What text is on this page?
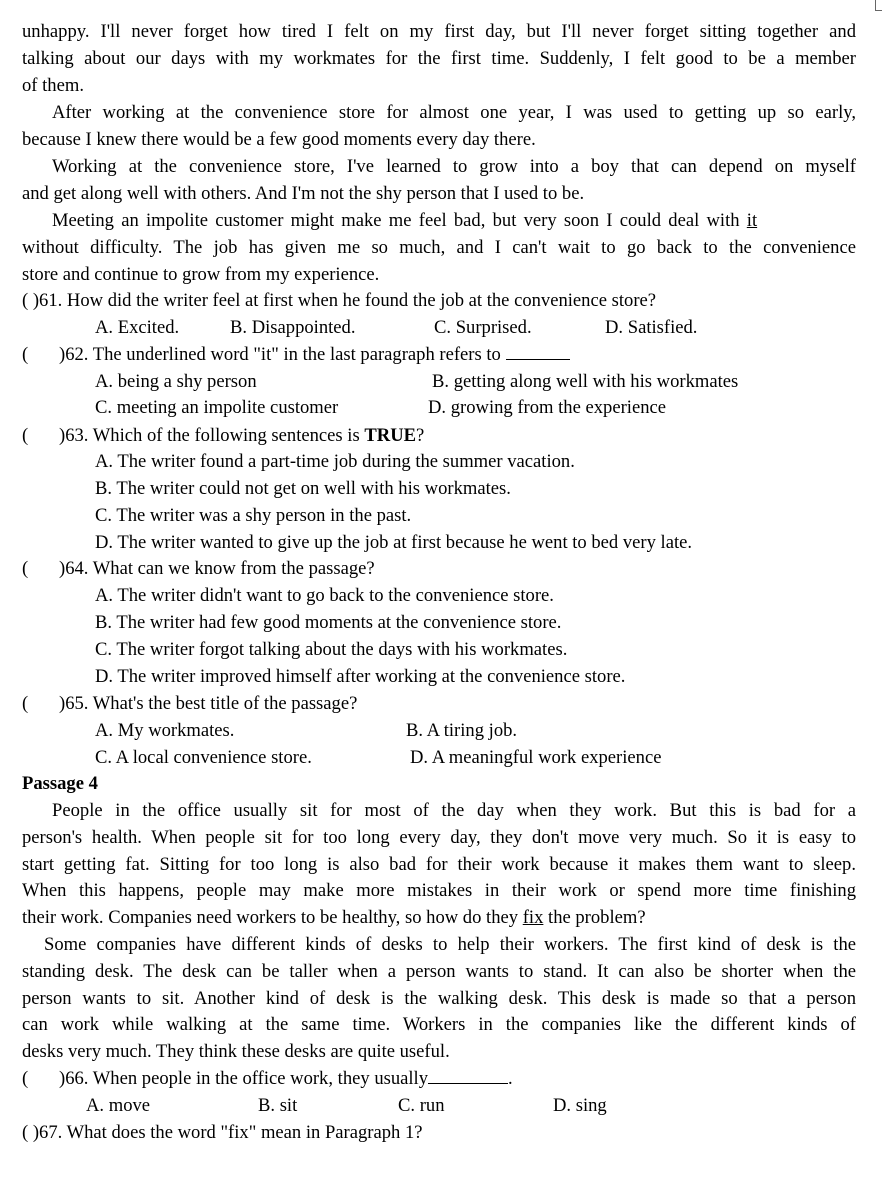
unhappy. I'll never forget how tired I felt on my first day, but I'll never forget sitting together and
talking about our days with my workmates for the first time. Suddenly, I felt good to be a member
of them.
After working at the convenience store for almost one year, I was used to getting up so early,
because I knew there would be a few good moments every day there.
Working at the convenience store, I've learned to grow into a boy that can depend on myself
and get along well with others. And I'm not the shy person that I used to be.
Meeting an impolite customer might make me feel bad, but very soon I could deal with it
without difficulty. The job has given me so much, and I can't wait to go back to the convenience
store and continue to grow from my experience.
( )61. How did the writer feel at first when he found the job at the convenience store?
A. Excited.	B. Disappointed.	C. Surprised.	D. Satisfied.
( )62. The underlined word "it" in the last paragraph refers to
A. being a shy person	B. getting along well with his workmates
C. meeting an impolite customer	D. growing from the experience
( )63. Which of the following sentences is TRUE?
A. The writer found a part-time job during the summer vacation.
B. The writer could not get on well with his workmates.
C. The writer was a shy person in the past.
D. The writer wanted to give up the job at first because he went to bed very late.
( )64. What can we know from the passage?
A. The writer didn't want to go back to the convenience store.
B. The writer had few good moments at the convenience store.
C. The writer forgot talking about the days with his workmates.
D. The writer improved himself after working at the convenience store.
( )65. What's the best title of the passage?
A. My workmates.	B. A tiring job.
C. A local convenience store.	D. A meaningful work experience
Passage 4
People in the office usually sit for most of the day when they work. But this is bad for a
person's health. When people sit for too long every day, they don't move very much. So it is easy to
start getting fat. Sitting for too long is also bad for their work because it makes them want to sleep.
When this happens, people may make more mistakes in their work or spend more time finishing
their work. Companies need workers to be healthy, so how do they fix the problem?
Some companies have different kinds of desks to help their workers. The first kind of desk is the
standing desk. The desk can be taller when a person wants to stand. It can also be shorter when the
person wants to sit. Another kind of desk is the walking desk. This desk is made so that a person
can work while walking at the same time. Workers in the companies like the different kinds of
desks very much. They think these desks are quite useful.
( )66. When people in the office work, they usually	.
A. move	B. sit	C. run	D. sing
( )67. What does the word "fix" mean in Paragraph 1?
